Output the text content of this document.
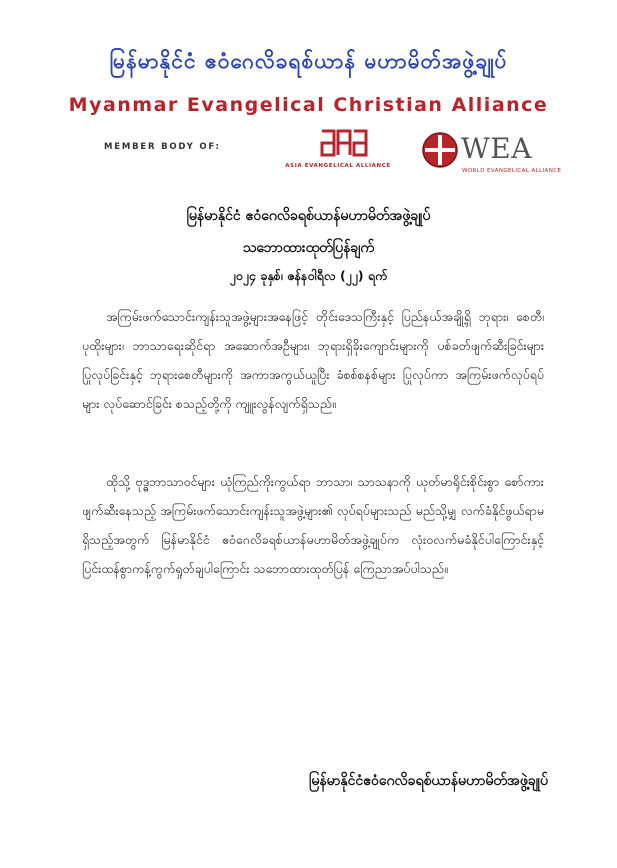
မြန်မာနိုင်ငံ ဧဝံဂေလိခရစ်ယာန် မဟာမိတ်အဖွဲ့ချုပ်
Myanmar Evangelical Christian Alliance
MEMBER BODY OF:
ASIA EVANGELICAL ALLIANCE
WEA
WORLD EVANGELICAL ALLIANCE
မြန်မာနိုင်ငံ ဧဝံဂေလိခရစ်ယာန်မဟာမိတ်အဖွဲ့ချုပ်
သဘောထားထုတ်ပြန်ချက်
၂၀၂၄ ခုနှစ်၊ ဇန်နဝါရီလ (၂၂) ရက်

အကြမ်းဖက်သောင်းကျန်းသူအဖွဲ့များအနေဖြင့် တိုင်းဒေသကြီးနှင့် ပြည်နယ်အချို့ရှိ ဘုရား၊ စေတီ၊ ပုထိုးများ၊ ဘာသာရေးဆိုင်ရာ အဆောက်အဦများ၊ ဘုရားရှိခိုးကျောင်းများကို ပစ်ခတ်ဖျက်ဆီးခြင်းများ ပြုလုပ်ခြင်းနှင့် ဘုရားစေတီများကို အကာအကွယ်ယူပြီး ခံစစ်စနစ်များ ပြုလုပ်ကာ အကြမ်းဖက်လုပ်ရပ်များ လုပ်ဆောင်ခြင်း စသည့်တို့ကို ကျူးလွန်လျက်ရှိသည်။

ထိုသို့ ဗုဒ္ဓဘာသာဝင်များ ယုံကြည်ကိုးကွယ်ရာ ဘာသာ၊ သာသနာကို ယုတ်မာရိုင်းစိုင်းစွာ စော်ကားဖျက်ဆီးနေသည့် အကြမ်းဖက်သောင်းကျန်းသူအဖွဲ့များ၏ လုပ်ရပ်များသည် မည်သို့မျှ လက်ခံနိုင်ဖွယ်ရာမရှိသည့်အတွက် မြန်မာနိုင်ငံ ဧဝံဂေလိခရစ်ယာန်မဟာမိတ်အဖွဲ့ချုပ်က လုံးဝလက်မခံနိုင်ပါကြောင်းနှင့် ပြင်းထန်စွာကန့်ကွက်ရှုတ်ချပါကြောင်း သဘောထားထုတ်ပြန် ကြေညာအပ်ပါသည်။

မြန်မာနိုင်ငံဧဝံဂေလိခရစ်ယာန်မဟာမိတ်အဖွဲ့ချုပ်
